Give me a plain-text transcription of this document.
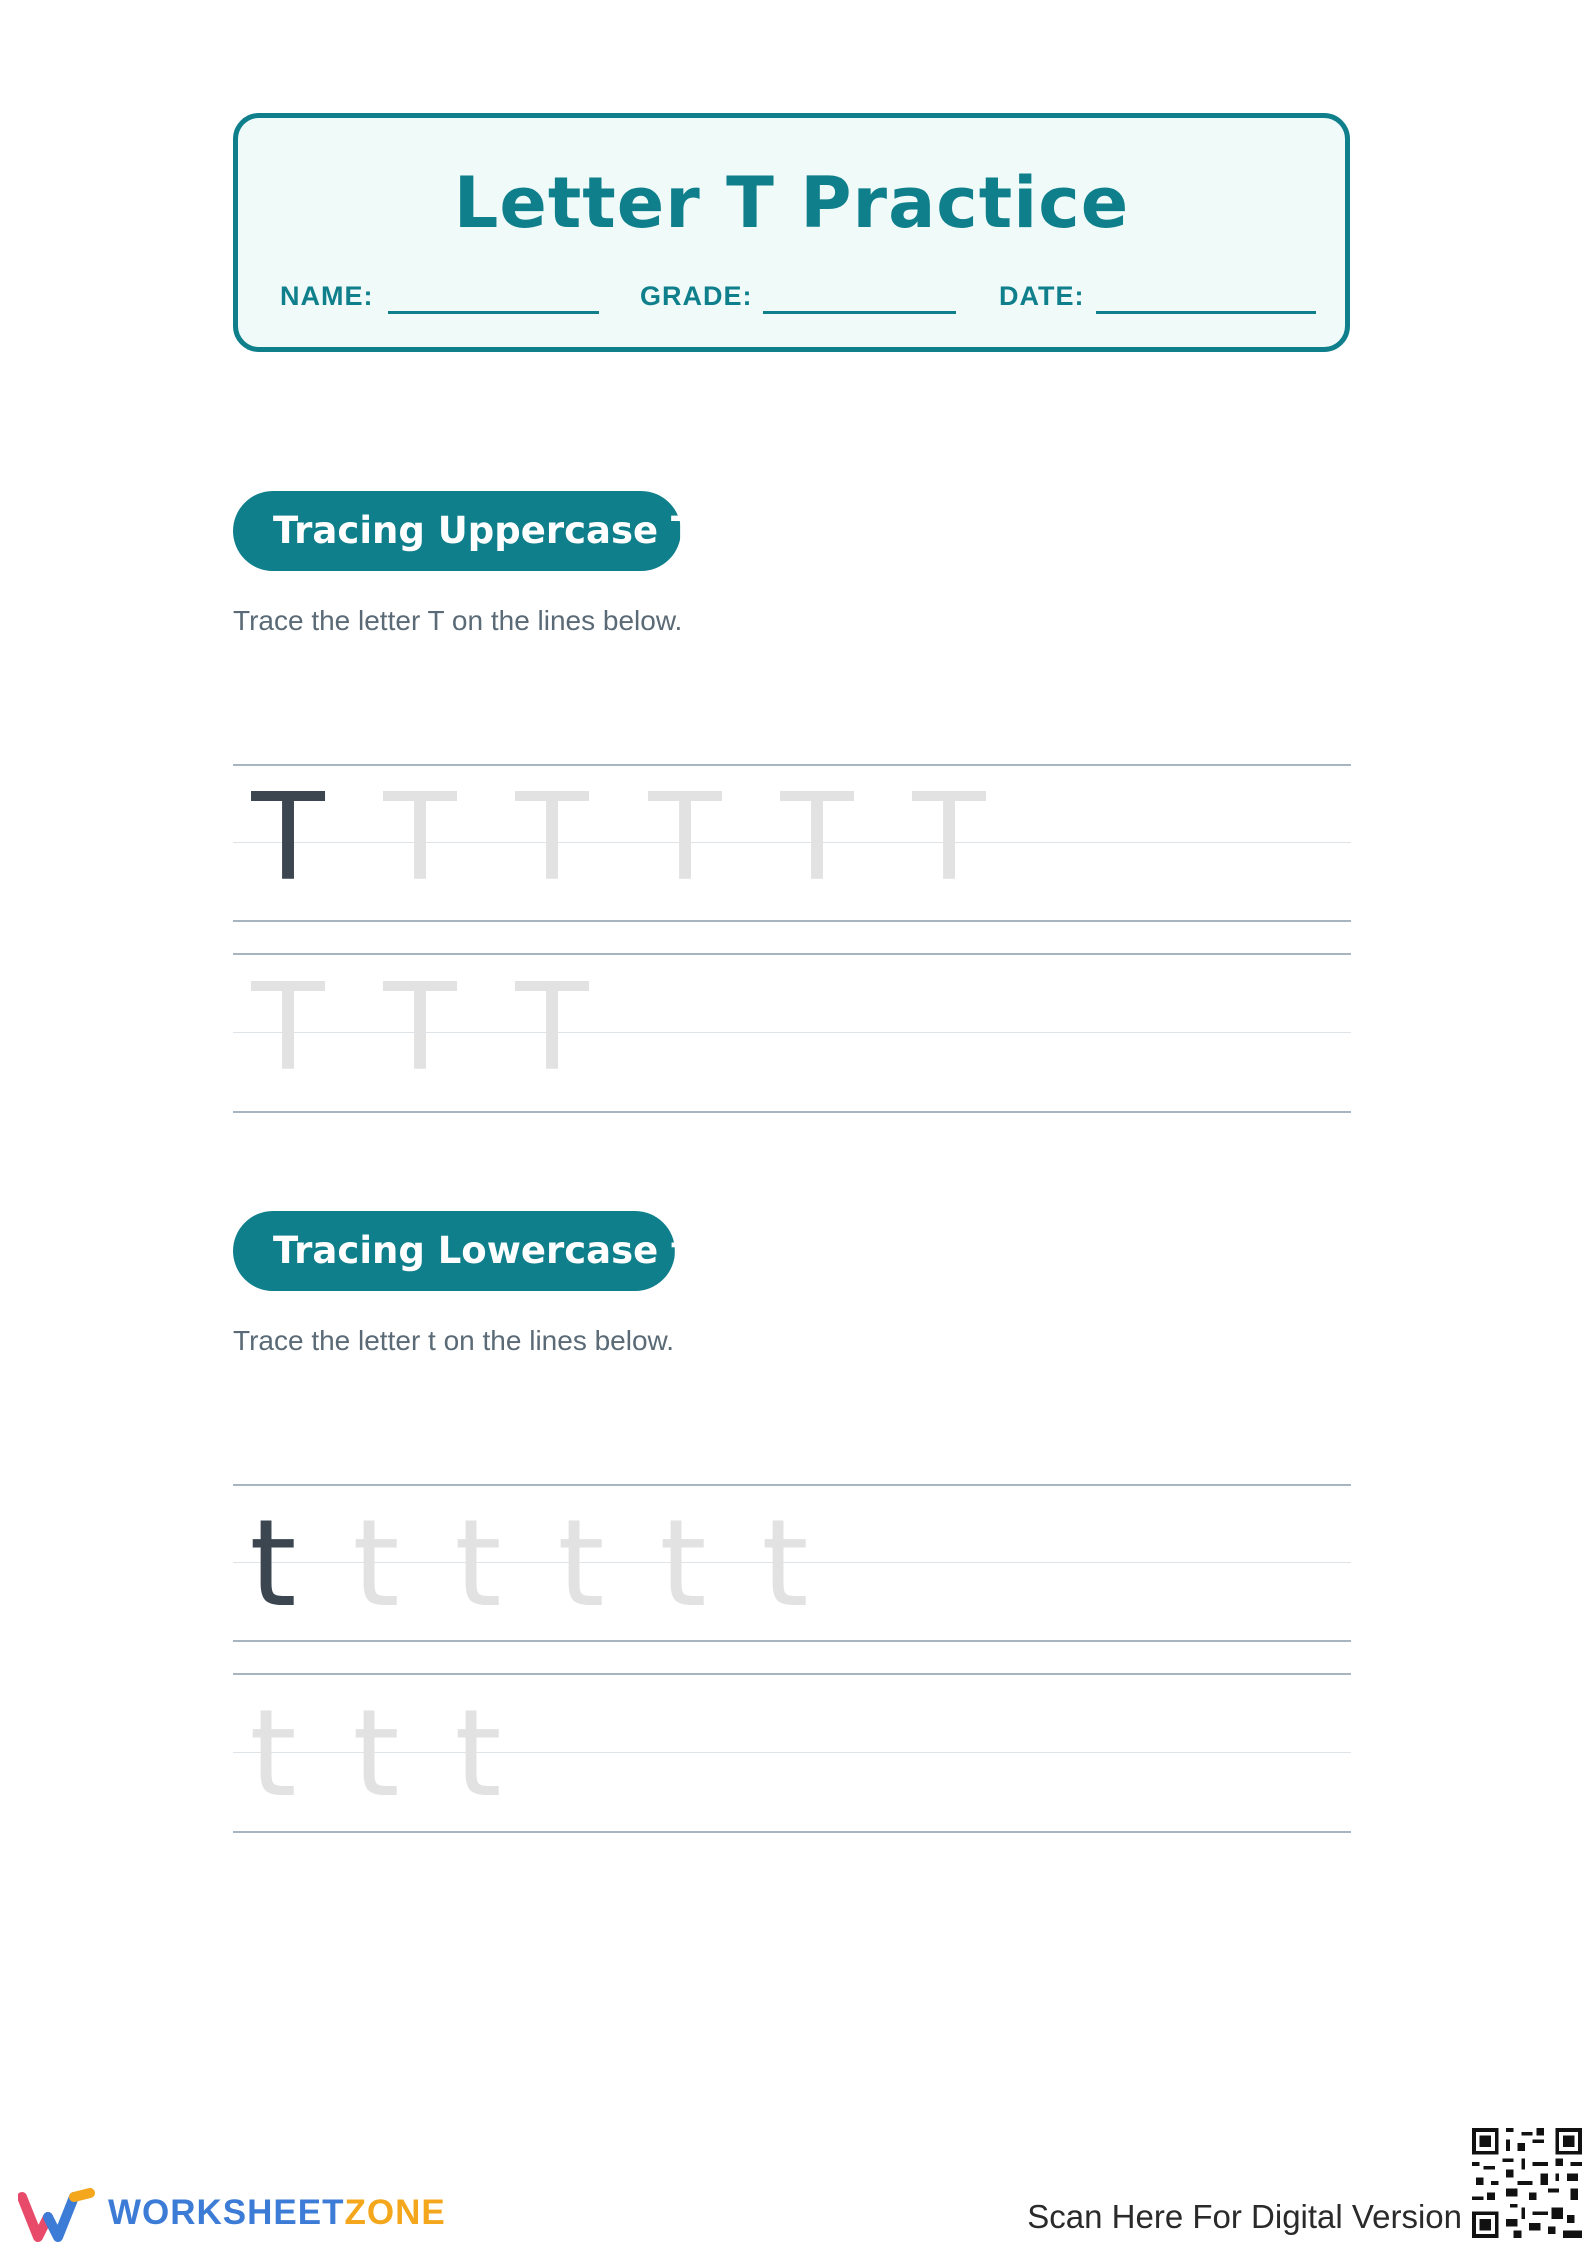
Letter T Practice
NAME:	GRADE:	DATE:
Tracing Uppercase T
Trace the letter T on the lines below.
T T T T T T
T T T
Tracing Lowercase t
Trace the letter t on the lines below.
t t t t t t
t t t
WORKSHEETZONE	Scan Here For Digital Version
